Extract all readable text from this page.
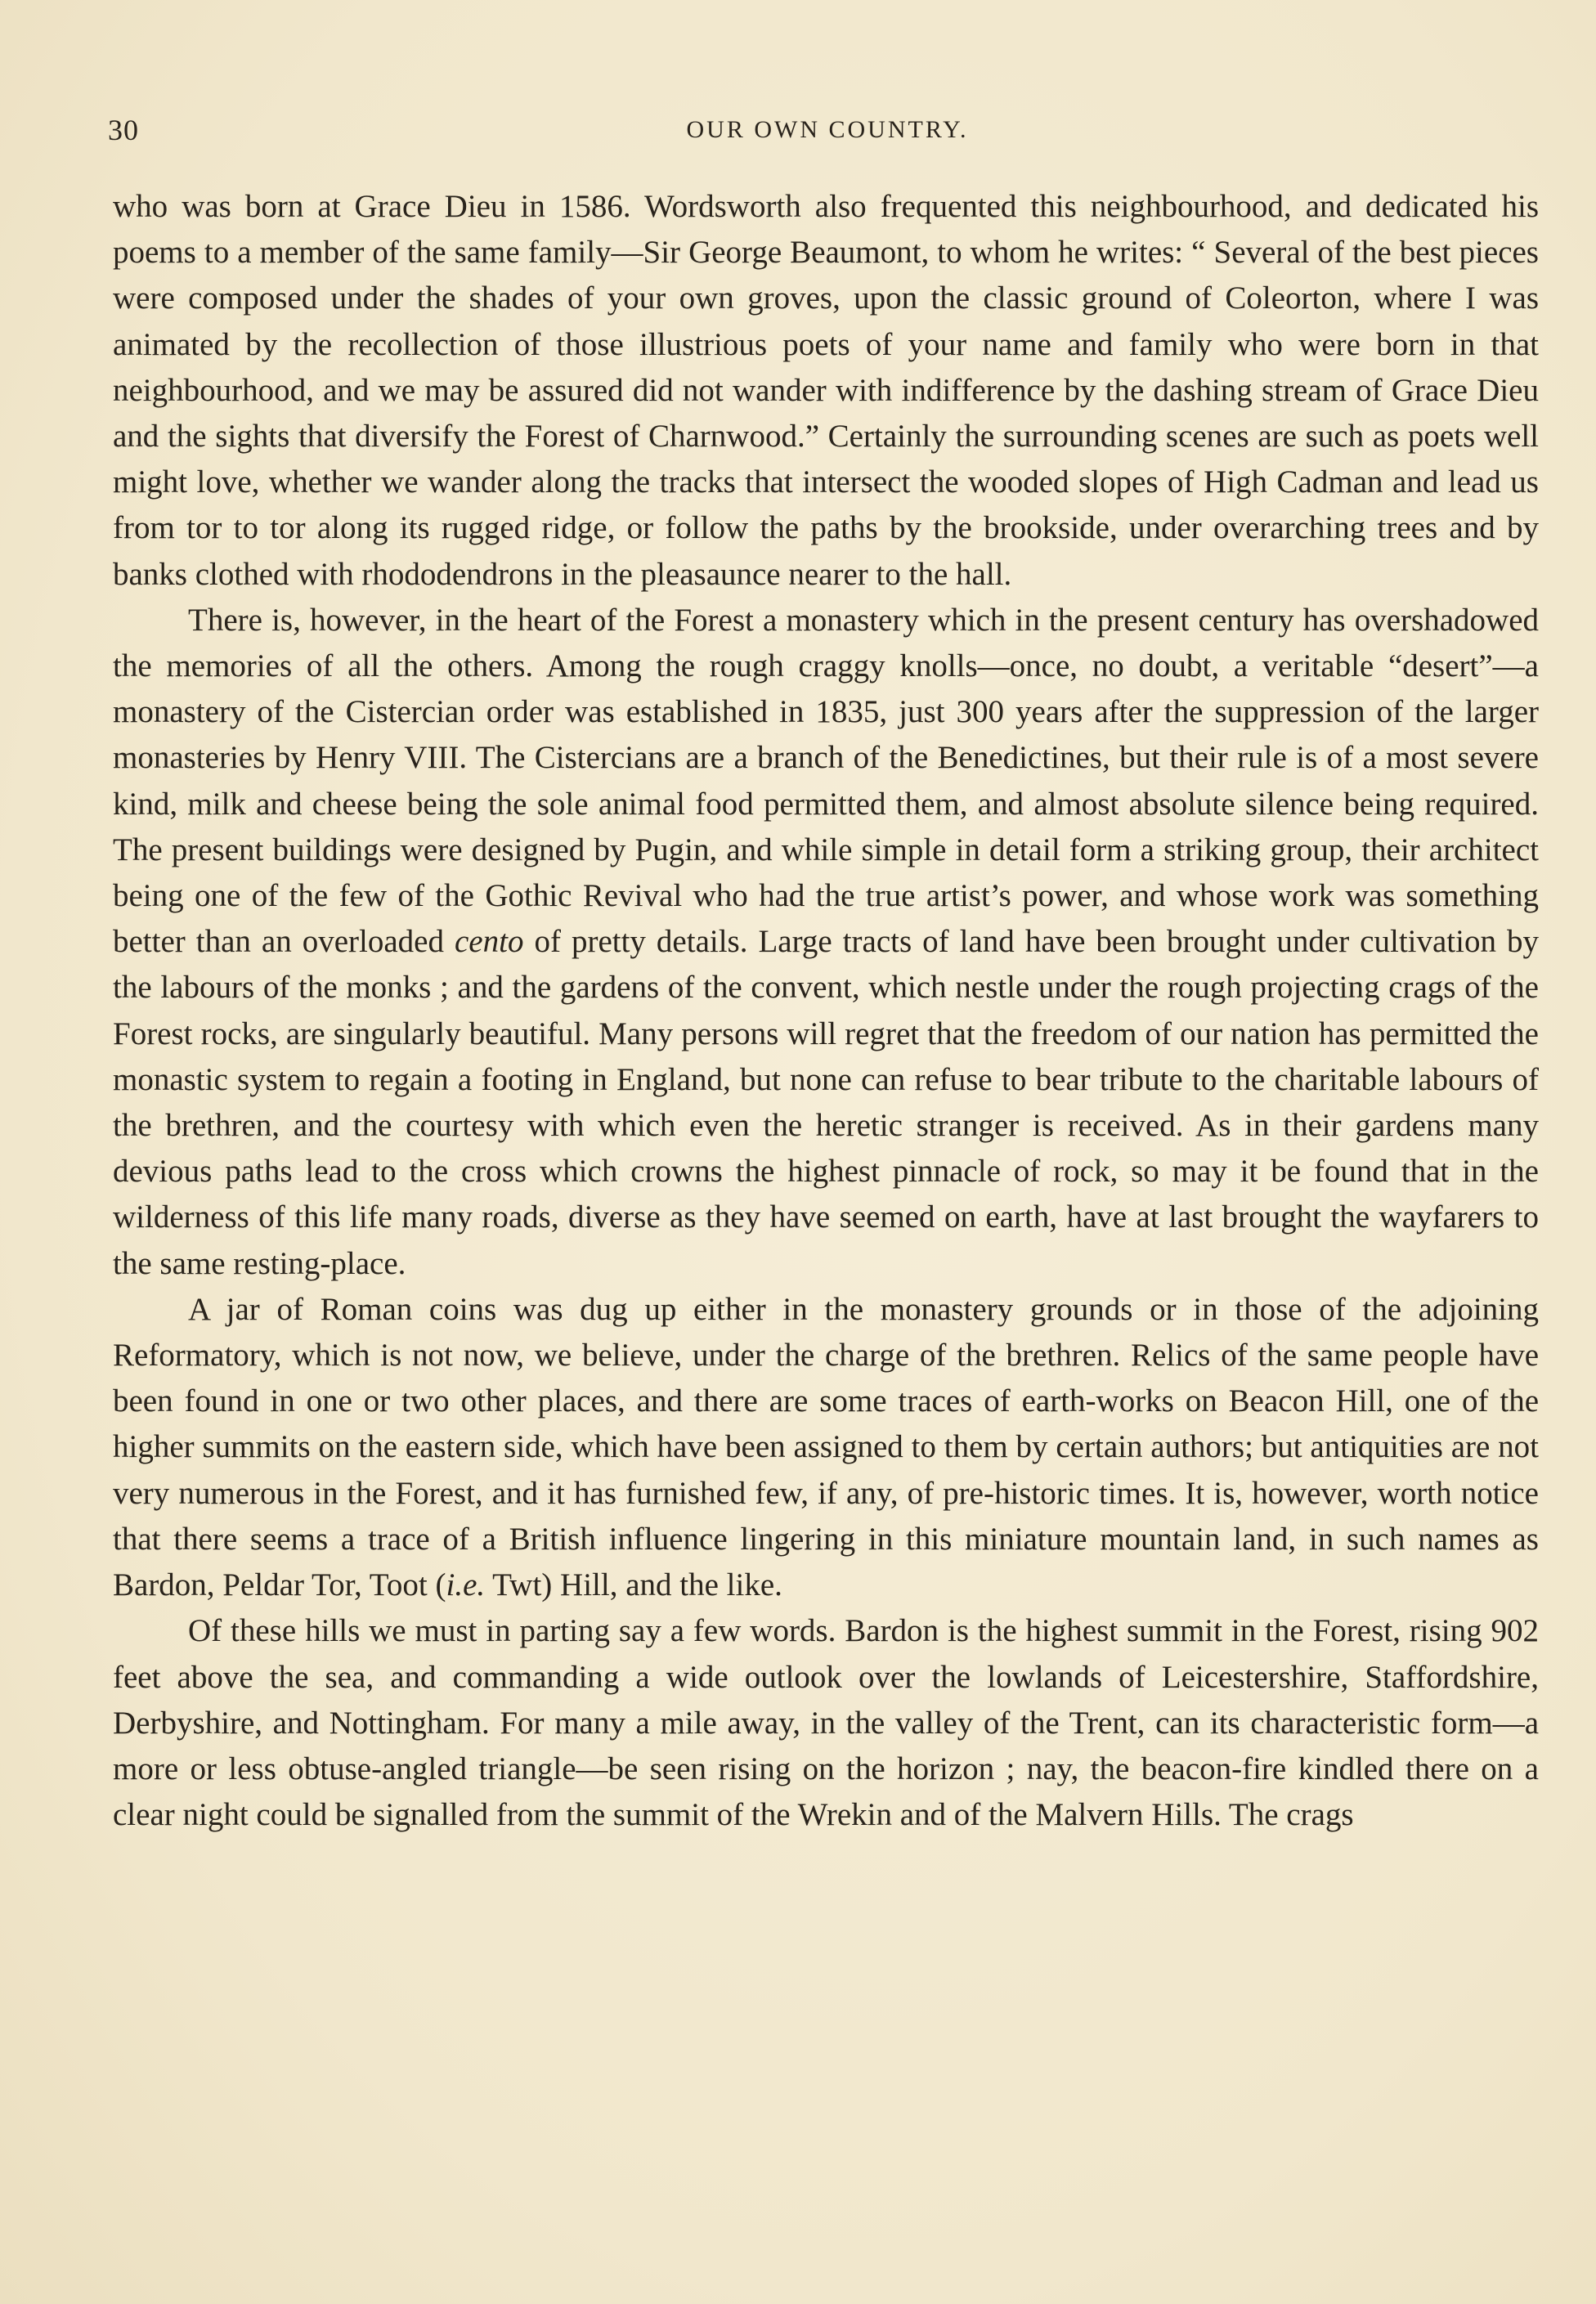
30	OUR OWN COUNTRY.

who was born at Grace Dieu in 1586. Wordsworth also frequented this neighbourhood, and dedicated his poems to a member of the same family—Sir George Beaumont, to whom he writes: “ Several of the best pieces were composed under the shades of your own groves, upon the classic ground of Coleorton, where I was animated by the recollection of those illustrious poets of your name and family who were born in that neighbourhood, and we may be assured did not wander with indifference by the dashing stream of Grace Dieu and the sights that diversify the Forest of Charnwood.” Certainly the surrounding scenes are such as poets well might love, whether we wander along the tracks that intersect the wooded slopes of High Cadman and lead us from tor to tor along its rugged ridge, or follow the paths by the brookside, under overarching trees and by banks clothed with rhododendrons in the pleasaunce nearer to the hall.

There is, however, in the heart of the Forest a monastery which in the present century has overshadowed the memories of all the others. Among the rough craggy knolls—once, no doubt, a veritable “desert”—a monastery of the Cistercian order was established in 1835, just 300 years after the suppression of the larger monasteries by Henry VIII. The Cistercians are a branch of the Benedictines, but their rule is of a most severe kind, milk and cheese being the sole animal food permitted them, and almost absolute silence being required. The present buildings were designed by Pugin, and while simple in detail form a striking group, their architect being one of the few of the Gothic Revival who had the true artist’s power, and whose work was something better than an overloaded cento of pretty details. Large tracts of land have been brought under cultivation by the labours of the monks ; and the gardens of the convent, which nestle under the rough projecting crags of the Forest rocks, are singularly beautiful. Many persons will regret that the freedom of our nation has permitted the monastic system to regain a footing in England, but none can refuse to bear tribute to the charitable labours of the brethren, and the courtesy with which even the heretic stranger is received. As in their gardens many devious paths lead to the cross which crowns the highest pinnacle of rock, so may it be found that in the wilderness of this life many roads, diverse as they have seemed on earth, have at last brought the wayfarers to the same resting-place.

A jar of Roman coins was dug up either in the monastery grounds or in those of the adjoining Reformatory, which is not now, we believe, under the charge of the brethren. Relics of the same people have been found in one or two other places, and there are some traces of earth-works on Beacon Hill, one of the higher summits on the eastern side, which have been assigned to them by certain authors; but antiquities are not very numerous in the Forest, and it has furnished few, if any, of pre-historic times. It is, however, worth notice that there seems a trace of a British influence lingering in this miniature mountain land, in such names as Bardon, Peldar Tor, Toot (i.e. Twt) Hill, and the like.

Of these hills we must in parting say a few words. Bardon is the highest summit in the Forest, rising 902 feet above the sea, and commanding a wide outlook over the lowlands of Leicestershire, Staffordshire, Derbyshire, and Nottingham. For many a mile away, in the valley of the Trent, can its characteristic form—a more or less obtuse-angled triangle—be seen rising on the horizon ; nay, the beacon-fire kindled there on a clear night could be signalled from the summit of the Wrekin and of the Malvern Hills. The crags
